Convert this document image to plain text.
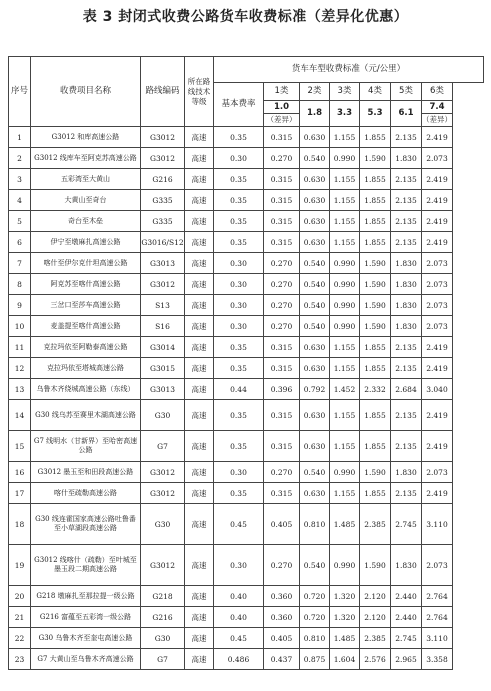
表 3 封闭式收费公路货车收费标准（差异化优惠）
序号	收费项目名称	路线编码	所在路线技术等级	货车车型收费标准（元/公里）						
				基本费率	1类	2类	3类	4类	5类	6类
					1.0	1.8	3.3	5.3	6.1	7.4
					（差异）					（差异）
1	G3012 和库高速公路	G3012	高速	0.35	0.315	0.630	1.155	1.855	2.135	2.419
2	G3012 线库车至阿克苏高速公路	G3012	高速	0.30	0.270	0.540	0.990	1.590	1.830	2.073
3	五彩湾至大黄山	G216	高速	0.35	0.315	0.630	1.155	1.855	2.135	2.419
4	大黄山至奇台	G335	高速	0.35	0.315	0.630	1.155	1.855	2.135	2.419
5	奇台至木垒	G335	高速	0.35	0.315	0.630	1.155	1.855	2.135	2.419
6	伊宁至墩麻扎高速公路	G3016/S12	高速	0.35	0.315	0.630	1.155	1.855	2.135	2.419
7	喀什至伊尔克什坦高速公路	G3013	高速	0.30	0.270	0.540	0.990	1.590	1.830	2.073
8	阿克苏至喀什高速公路	G3012	高速	0.30	0.270	0.540	0.990	1.590	1.830	2.073
9	三岔口至莎车高速公路	S13	高速	0.30	0.270	0.540	0.990	1.590	1.830	2.073
10	麦盖提至喀什高速公路	S16	高速	0.30	0.270	0.540	0.990	1.590	1.830	2.073
11	克拉玛依至阿勒泰高速公路	G3014	高速	0.35	0.315	0.630	1.155	1.855	2.135	2.419
12	克拉玛依至塔城高速公路	G3015	高速	0.35	0.315	0.630	1.155	1.855	2.135	2.419
13	乌鲁木齐绕城高速公路（东线）	G3013	高速	0.44	0.396	0.792	1.452	2.332	2.684	3.040
14	G30 线乌苏至赛里木湖高速公路	G30	高速	0.35	0.315	0.630	1.155	1.855	2.135	2.419
15	G7 线明水（甘新界）至哈密高速公路	G7	高速	0.35	0.315	0.630	1.155	1.855	2.135	2.419
16	G3012 墨玉至和田段高速公路	G3012	高速	0.30	0.270	0.540	0.990	1.590	1.830	2.073
17	喀什至疏勒高速公路	G3012	高速	0.35	0.315	0.630	1.155	1.855	2.135	2.419
18	G30 线连霍国家高速公路吐鲁番至小草湖段高速公路	G30	高速	0.45	0.405	0.810	1.485	2.385	2.745	3.110
19	G3012 线喀什（疏勒）至叶城至墨玉段二期高速公路	G3012	高速	0.30	0.270	0.540	0.990	1.590	1.830	2.073
20	G218 墩麻扎至那拉提一级公路	G218	高速	0.40	0.360	0.720	1.320	2.120	2.440	2.764
21	G216 富蕴至五彩湾一级公路	G216	高速	0.40	0.360	0.720	1.320	2.120	2.440	2.764
22	G30 乌鲁木齐至奎屯高速公路	G30	高速	0.45	0.405	0.810	1.485	2.385	2.745	3.110
23	G7 大黄山至乌鲁木齐高速公路	G7	高速	0.486	0.437	0.875	1.604	2.576	2.965	3.358
